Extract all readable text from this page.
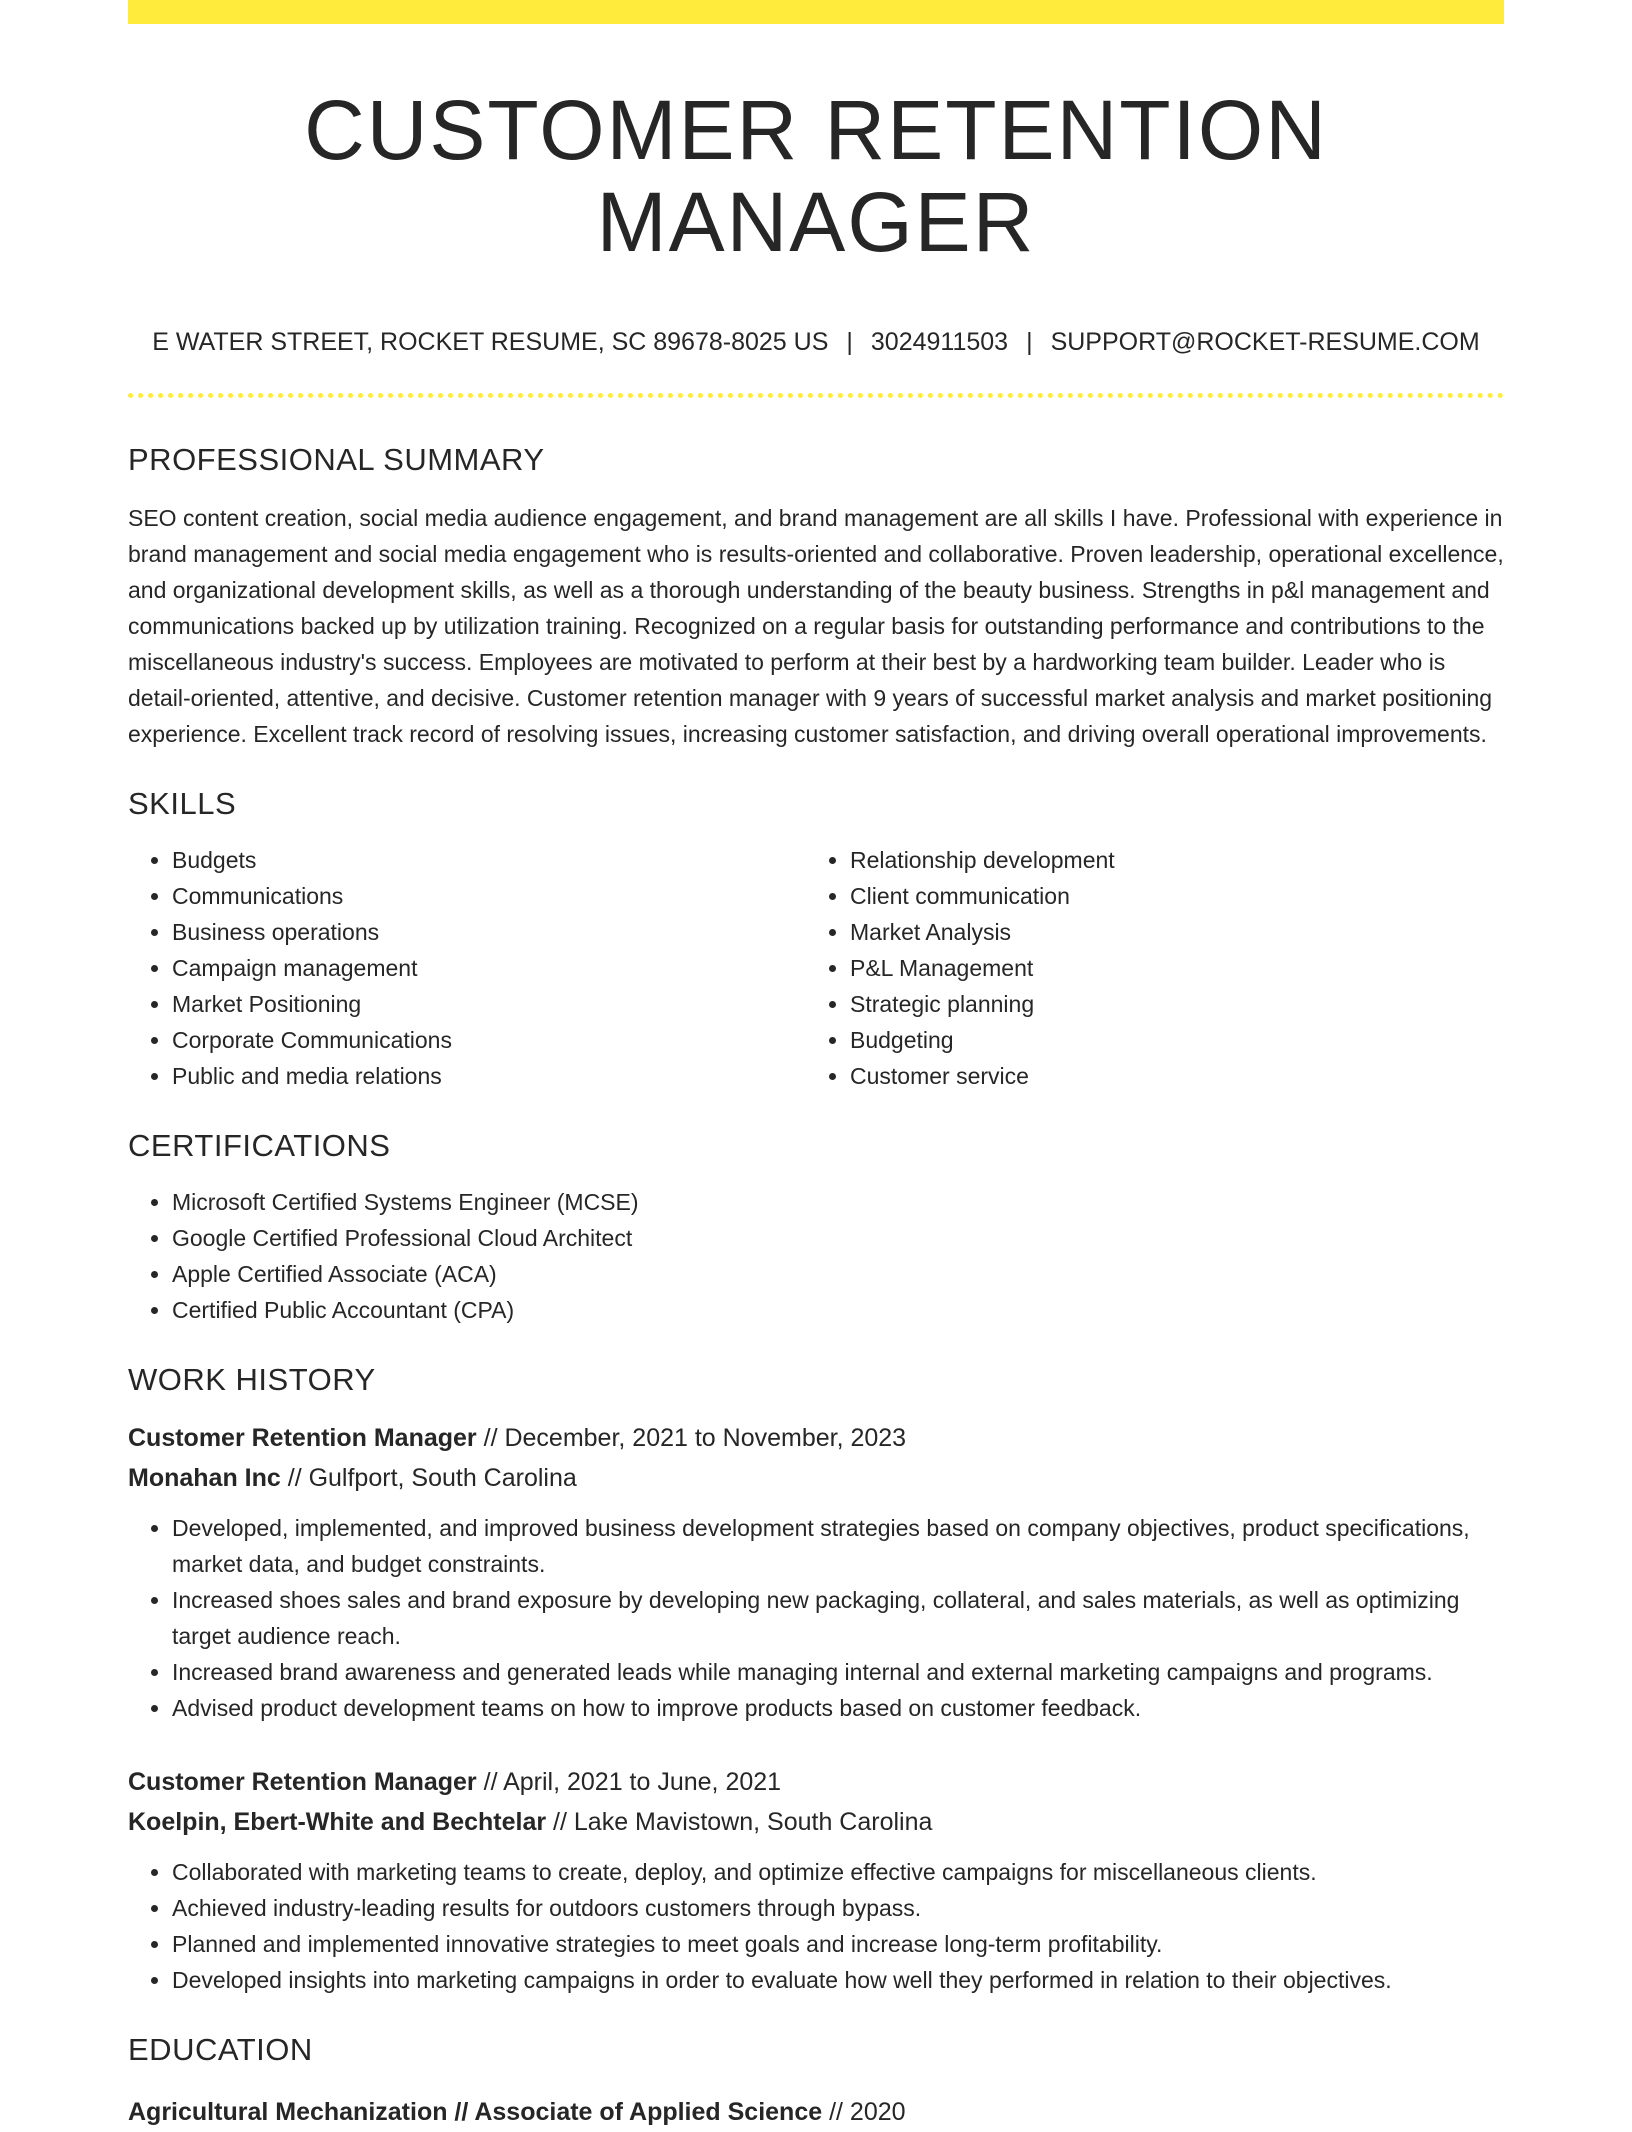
CUSTOMER RETENTION MANAGER
E WATER STREET, ROCKET RESUME, SC 89678-8025 US | 3024911503 | SUPPORT@ROCKET-RESUME.COM
PROFESSIONAL SUMMARY

SEO content creation, social media audience engagement, and brand management are all skills I have. Professional with experience in brand management and social media engagement who is results-oriented and collaborative. Proven leadership, operational excellence, and organizational development skills, as well as a thorough understanding of the beauty business. Strengths in p&l management and communications backed up by utilization training. Recognized on a regular basis for outstanding performance and contributions to the miscellaneous industry's success. Employees are motivated to perform at their best by a hardworking team builder. Leader who is detail-oriented, attentive, and decisive. Customer retention manager with 9 years of successful market analysis and market positioning experience. Excellent track record of resolving issues, increasing customer satisfaction, and driving overall operational improvements.

SKILLS
• Budgets
• Communications
• Business operations
• Campaign management
• Market Positioning
• Corporate Communications
• Public and media relations
• Relationship development
• Client communication
• Market Analysis
• P&L Management
• Strategic planning
• Budgeting
• Customer service
CERTIFICATIONS
• Microsoft Certified Systems Engineer (MCSE)
• Google Certified Professional Cloud Architect
• Apple Certified Associate (ACA)
• Certified Public Accountant (CPA)
WORK HISTORY
Customer Retention Manager // December, 2021 to November, 2023
Monahan Inc // Gulfport, South Carolina
• Developed, implemented, and improved business development strategies based on company objectives, product specifications, market data, and budget constraints.
• Increased shoes sales and brand exposure by developing new packaging, collateral, and sales materials, as well as optimizing target audience reach.
• Increased brand awareness and generated leads while managing internal and external marketing campaigns and programs.
• Advised product development teams on how to improve products based on customer feedback.
Customer Retention Manager // April, 2021 to June, 2021
Koelpin, Ebert-White and Bechtelar // Lake Mavistown, South Carolina
• Collaborated with marketing teams to create, deploy, and optimize effective campaigns for miscellaneous clients.
• Achieved industry-leading results for outdoors customers through bypass.
• Planned and implemented innovative strategies to meet goals and increase long-term profitability.
• Developed insights into marketing campaigns in order to evaluate how well they performed in relation to their objectives.
EDUCATION
Agricultural Mechanization // Associate of Applied Science // 2020
